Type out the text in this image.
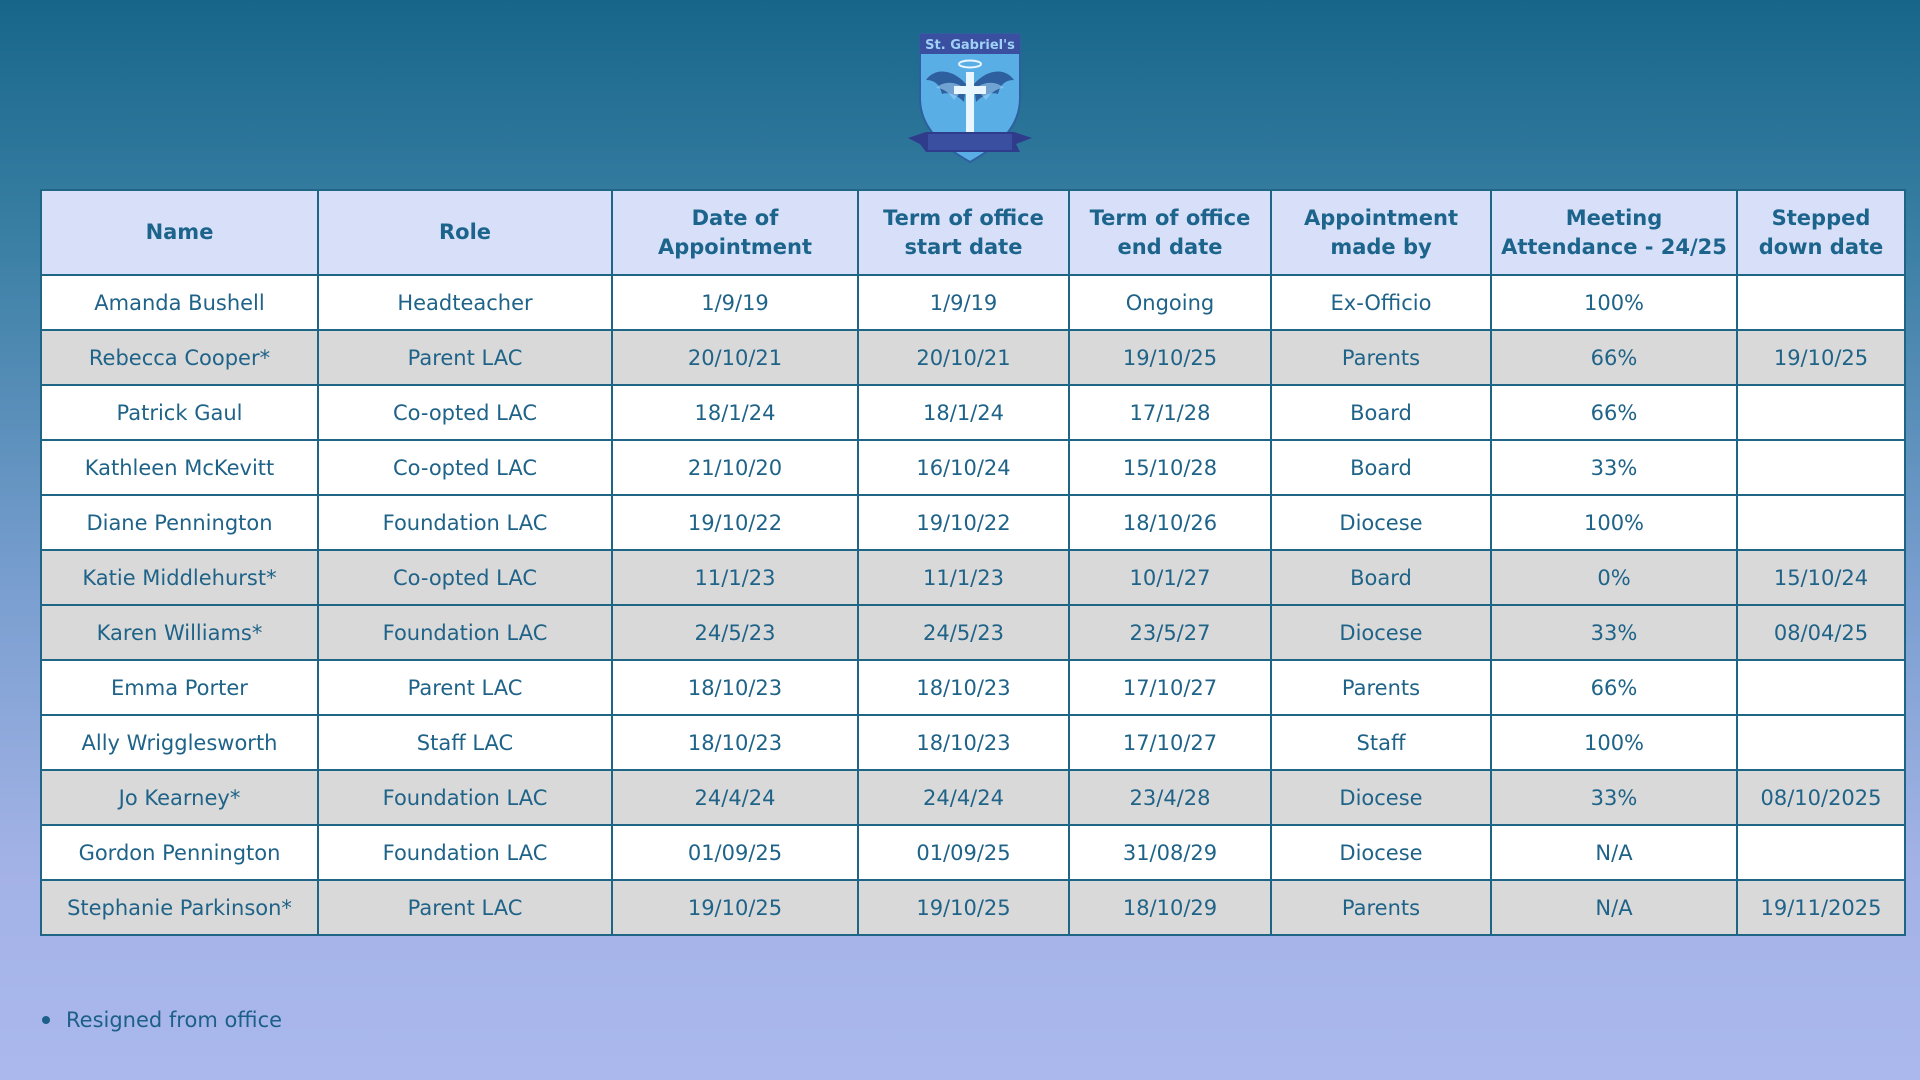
St. Gabriel's
Name	Role	Date of Appointment	Term of office start date	Term of office end date	Appointment made by	Meeting Attendance - 24/25	Stepped down date
Amanda Bushell	Headteacher	1/9/19	1/9/19	Ongoing	Ex-Officio	100%	
Rebecca Cooper*	Parent LAC	20/10/21	20/10/21	19/10/25	Parents	66%	19/10/25
Patrick Gaul	Co-opted LAC	18/1/24	18/1/24	17/1/28	Board	66%	
Kathleen McKevitt	Co-opted LAC	21/10/20	16/10/24	15/10/28	Board	33%	
Diane Pennington	Foundation LAC	19/10/22	19/10/22	18/10/26	Diocese	100%	
Katie Middlehurst*	Co-opted LAC	11/1/23	11/1/23	10/1/27	Board	0%	15/10/24
Karen Williams*	Foundation LAC	24/5/23	24/5/23	23/5/27	Diocese	33%	08/04/25
Emma Porter	Parent LAC	18/10/23	18/10/23	17/10/27	Parents	66%	
Ally Wrigglesworth	Staff LAC	18/10/23	18/10/23	17/10/27	Staff	100%	
Jo Kearney*	Foundation LAC	24/4/24	24/4/24	23/4/28	Diocese	33%	08/10/2025
Gordon Pennington	Foundation LAC	01/09/25	01/09/25	31/08/29	Diocese	N/A	
Stephanie Parkinson*	Parent LAC	19/10/25	19/10/25	18/10/29	Parents	N/A	19/11/2025
Resigned from office
